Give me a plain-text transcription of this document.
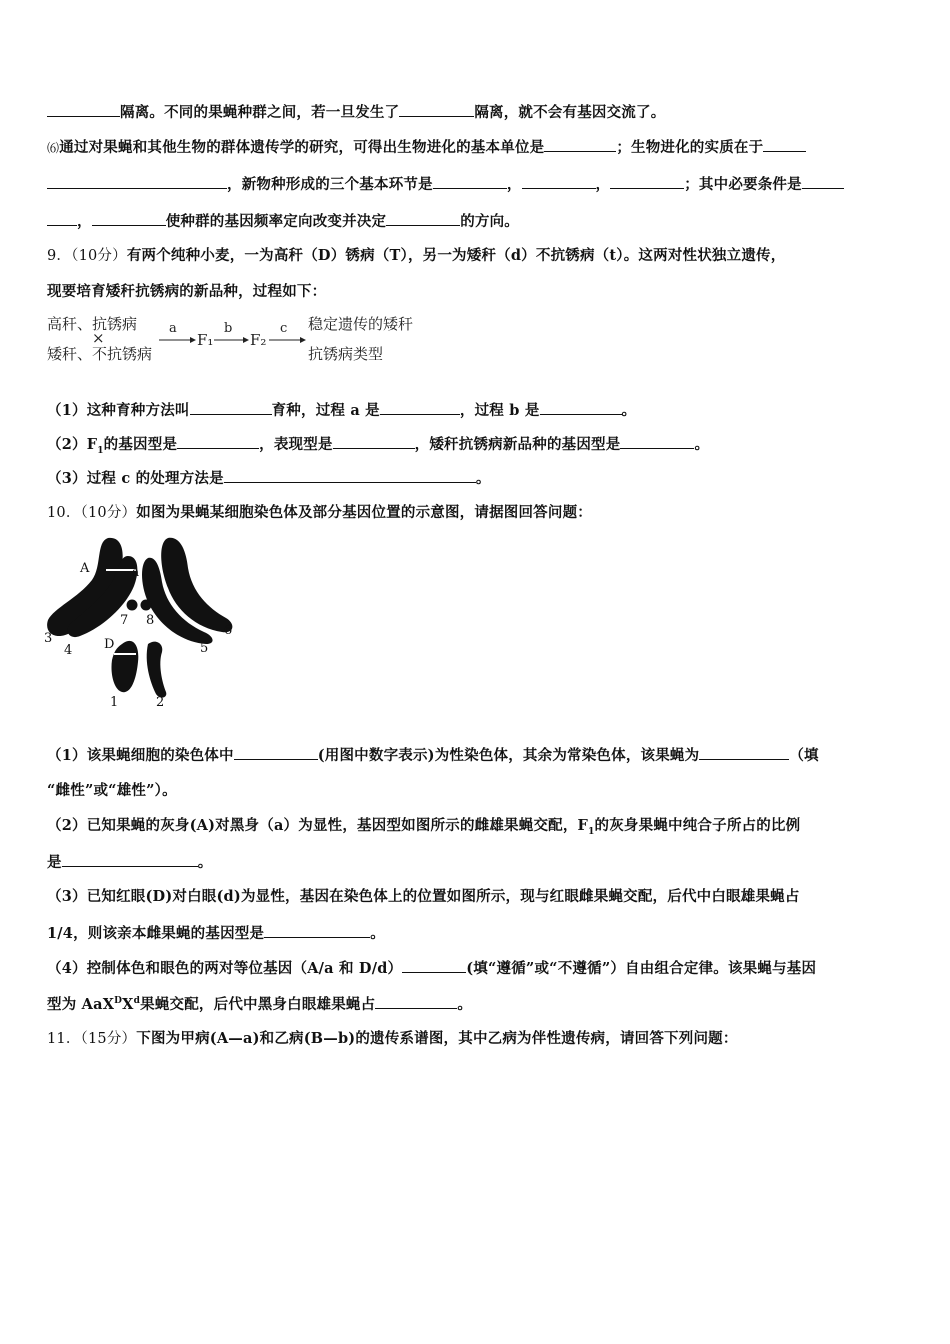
隔离。不同的果蝇种群之间，若一旦发生了	隔离，就不会有基因交流了。
⑹通过对果蝇和其他生物的群体遗传学的研究，可得出生物进化的基本单位是	；生物进化的实质在于
，新物种形成的三个基本环节是	，	，	；其中必要条件是
，	使种群的基因频率定向改变并决定	的方向。
9．（10分）有两个纯种小麦，一为高秆（D）锈病（T），另一为矮秆（d）不抗锈病（t）。这两对性状独立遗传，
现要培育矮秆抗锈病的新品种，过程如下：
高秆、抗锈病
×
矮秆、不抗锈病
a
F₁
b
F₂
c 稳定遗传的矮秆
抗锈病类型
（1）这种育种方法叫	育种，过程 a 是	，过程 b 是	。
$(2)F_1$的基因型是	，表现型是	，矮秆抗锈病新品种的基因型是	。
（3）过程 c 的处理方法是	。
10．（10分）如图为果蝇某细胞染色体及部分基因位置的示意图，请据图回答问题：
A	a
D
7 8
3
4	5
6
1	2
（1）该果蝇细胞的染色体中	(用图中数字表示)为性染色体，其余为常染色体，该果蝇为	（填
“雌性”或“雄性”）。
（2）已知果蝇的灰身(A)对黑身（a）为显性，基因型如图所示的雌雄果蝇交配，$F_1$的灰身果蝇中纯合子所占的比例
是	。
（3）已知红眼(D)对白眼(d)为显性，基因在染色体上的位置如图所示，现与红眼雌果蝇交配，后代中白眼雄果蝇占
1/4，则该亲本雌果蝇的基因型是	。
（4）控制体色和眼色的两对等位基因（A/a 和 D/d）	(填“遵循”或“不遵循”）自由组合定律。该果蝇与基因
型为 $AaX^DX^d$果蝇交配，后代中黑身白眼雄果蝇占	。
11．（15分）下图为甲病(A—a)和乙病(B—b)的遗传系谱图，其中乙病为伴性遗传病，请回答下列问题：
